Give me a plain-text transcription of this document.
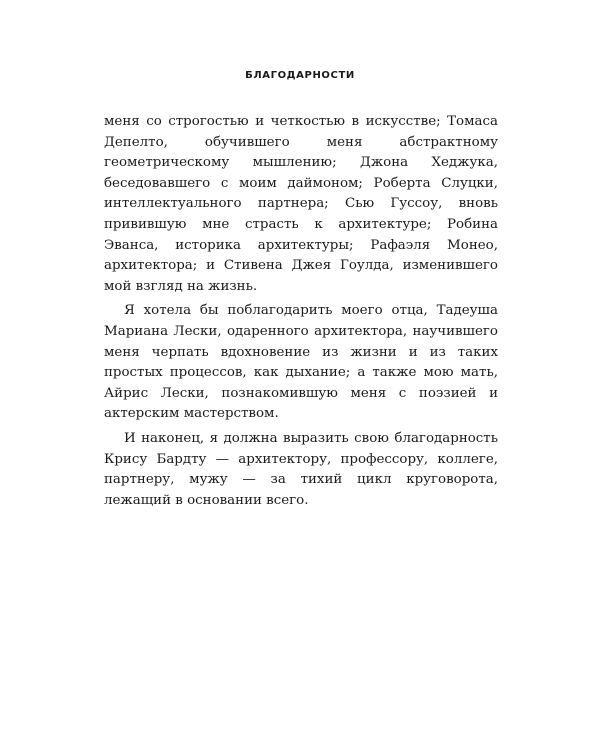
БЛАГОДАРНОСТИ

меня со строгостью и четкостью в искусстве; Томаса Депелто, обучившего меня абстрактному геометрическому мышлению; Джона Хеджука, беседовавшего с моим даймоном; Роберта Слуцки, интеллектуального партнера; Сью Гуссоу, вновь привившую мне страсть к архитектуре; Робина Эванса, историка архитектуры; Рафаэля Монео, архитектора; и Стивена Джея Гоулда, изменившего мой взгляд на жизнь.

Я хотела бы поблагодарить моего отца, Тадеуша Мариана Лески, одаренного архитектора, научившего меня черпать вдохновение из жизни и из таких простых процессов, как дыхание; а также мою мать, Айрис Лески, познакомившую меня с поэзией и актерским мастерством.

И наконец, я должна выразить свою благодарность Крису Бардту — архитектору, профессору, коллеге, партнеру, мужу — за тихий цикл круговорота, лежащий в основании всего.
